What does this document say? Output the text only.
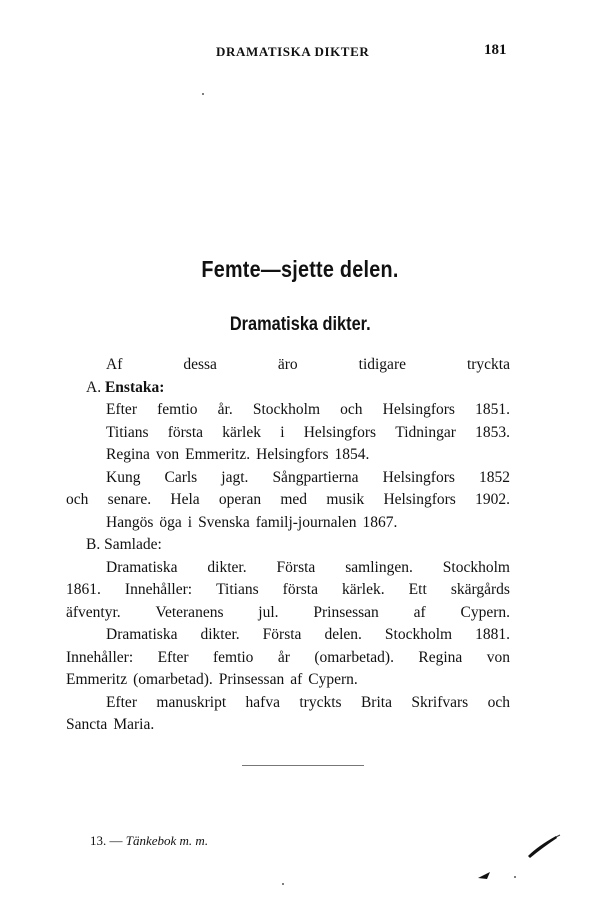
DRAMATISKA DIKTER	181
Femte—sjette delen.
Dramatiska dikter.
Af	dessa	äro	tidigare	tryckta
A. Enstaka:
Efter femtio år. Stockholm och Helsingfors 1851.
Titians första kärlek i Helsingfors Tidningar 1853.
Regina von Emmeritz. Helsingfors 1854.
Kung Carls jagt. Sångpartierna Helsingfors 1852
och senare. Hela operan med musik Helsingfors 1902.
Hangös öga i Svenska familj-journalen 1867.
B. Samlade:
Dramatiska dikter. Första samlingen. Stockholm
1861. Innehåller: Titians första kärlek. Ett skärgårds
äfventyr. Veteranens jul. Prinsessan af Cypern.
Dramatiska dikter. Första delen. Stockholm 1881.
Innehåller: Efter femtio år (omarbetad). Regina von
Emmeritz (omarbetad). Prinsessan af Cypern.
Efter manuskript hafva tryckts Brita Skrifvars och
Sancta Maria.
13. — Tänkebok m. m.
